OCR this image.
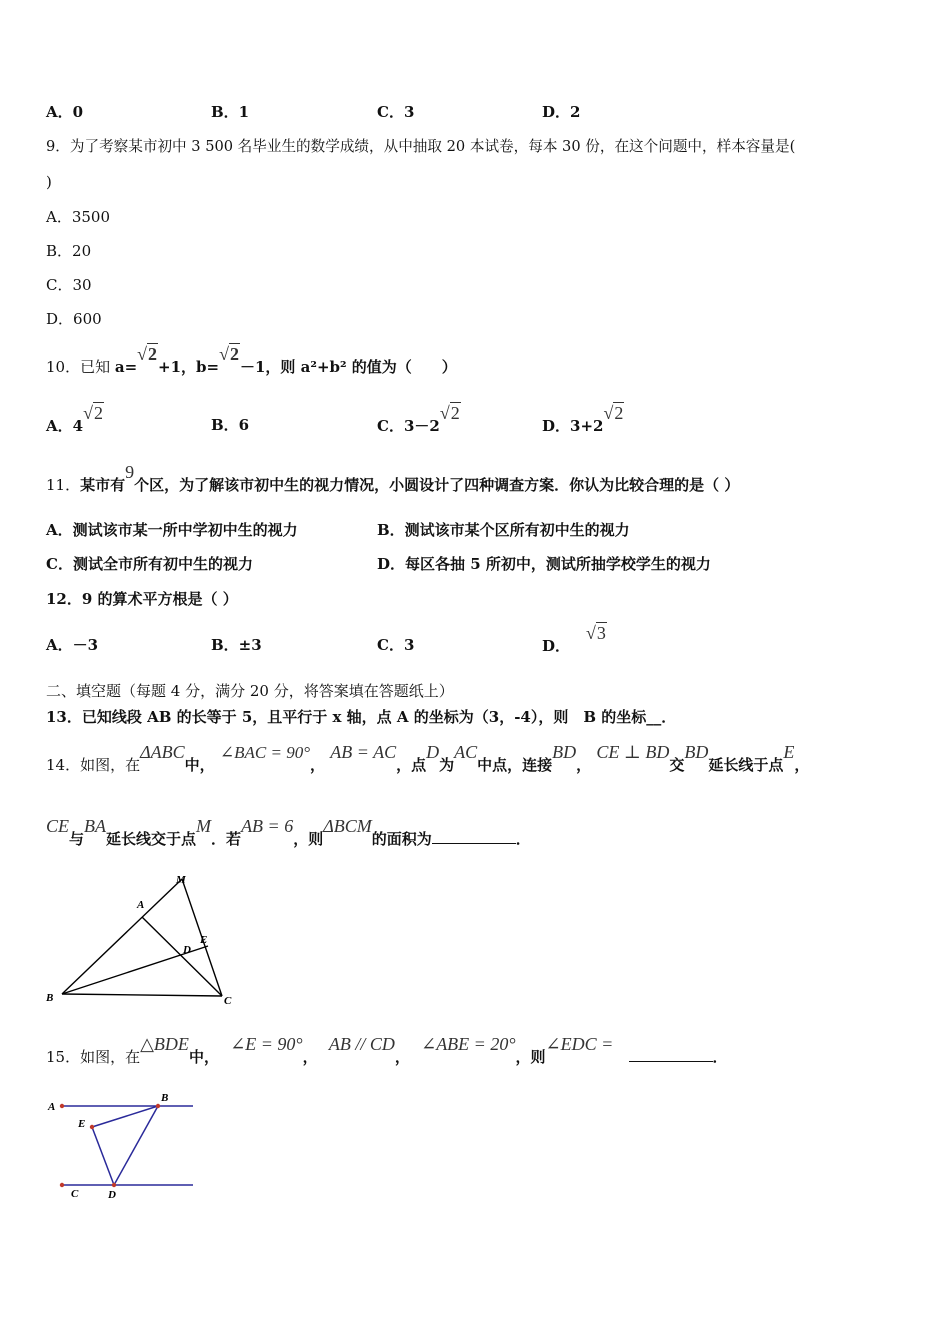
A．0	B．1	C．3	D．2
9．为了考察某市初中 3 500 名毕业生的数学成绩，从中抽取 20 本试卷，每本 30 份，在这个问题中，样本容量是(
)
A．3500
B．20
C．30
D．600
10．已知 a=√2+1，b=√2－1，则 a²+b² 的值为（　　）
A．4√2
B．6	C．3－2√2
D．3+2√2
11．某市有9个区，为了解该市初中生的视力情况，小圆设计了四种调查方案．你认为比较合理的是（ ）
A．测试该市某一所中学初中生的视力	B．测试该市某个区所有初中生的视力
C．测试全市所有初中生的视力	D．每区各抽 5 所初中，测试所抽学校学生的视力
12．9 的算术平方根是（ ）
A．－3	B．±3	C．3	D．√3
二、填空题（每题 4 分，满分 20 分，将答案填在答题纸上）
13．已知线段 AB 的长等于 5，且平行于 x 轴，点 A 的坐标为（3，-4），则　B 的坐标__．
14．如图，在ΔABC中， ∠BAC = 90°， AB = AC，点D为AC中点，连接BD， CE ⊥ BD交BD延长线于点E，
CE与BA延长线交于点M．若AB = 6，则ΔBCM的面积为	．
M
A
D
E
B	C
15．如图，在△BDE中， ∠E = 90°， AB // CD， ∠ABE = 20°，则∠EDC = ．
A
B
E
C	D
